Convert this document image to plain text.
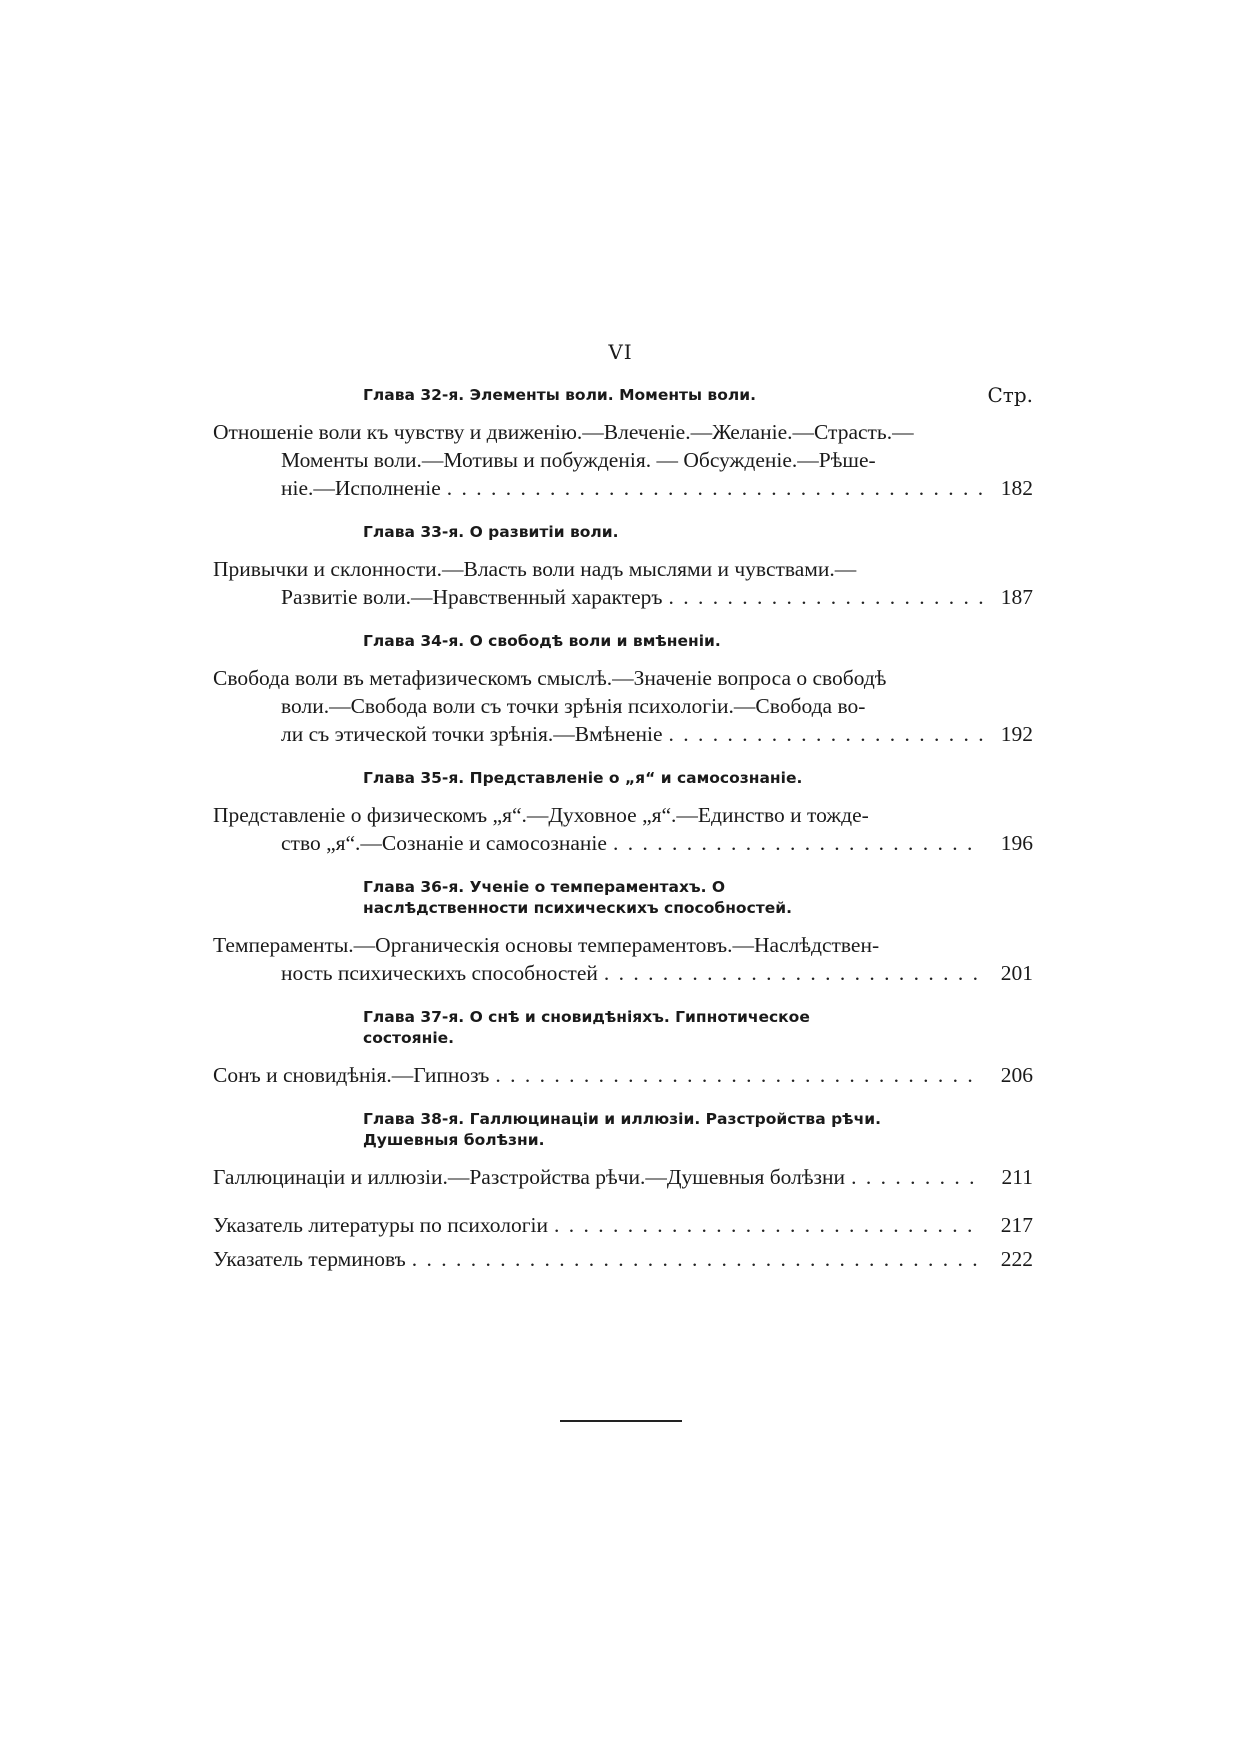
VI
Глава 32-я. Элементы воли. Моменты воли.	Стр.
Отношеніе воли къ чувству и движенію.—Влеченіе.—Желаніе.—Страсть.—
Моменты воли.—Мотивы и побужденія. — Обсужденіе.—Рѣше-
ніе.—Исполненіе . . .	182
Глава 33-я. О развитіи воли.
Привычки и склонности.—Власть воли надъ мыслями и чувствами.—
Развитіе воли.—Нравственный характеръ . . .	187
Глава 34-я. О свободѣ воли и вмѣненіи.
Свобода воли въ метафизическомъ смыслѣ.—Значеніе вопроса о свободѣ
воли.—Свобода воли съ точки зрѣнія психологіи.—Свобода во-
ли съ этической точки зрѣнія.—Вмѣненіе . . .	192
Глава 35-я. Представленіе о „я“ и самосознаніе.
Представленіе о физическомъ „я“.—Духовное „я“.—Единство и тожде-
ство „я“.—Сознаніе и самосознаніе . . .	196
Глава 36-я. Ученіе о темпераментахъ. О наслѣдственности психическихъ способностей.
Темпераменты.—Органическія основы темпераментовъ.—Наслѣдствен-
ность психическихъ способностей . . .	201
Глава 37-я. О снѣ и сновидѣніяхъ. Гипнотическое состояніе.
Сонъ и сновидѣнія.—Гипнозъ . . .	206
Глава 38-я. Галлюцинаціи и иллюзіи. Разстройства рѣчи. Душевныя болѣзни.
Галлюцинаціи и иллюзіи.—Разстройства рѣчи.—Душевныя болѣзни . . .	211
Указатель литературы по психологіи . . .	217
Указатель терминовъ . . .	222
